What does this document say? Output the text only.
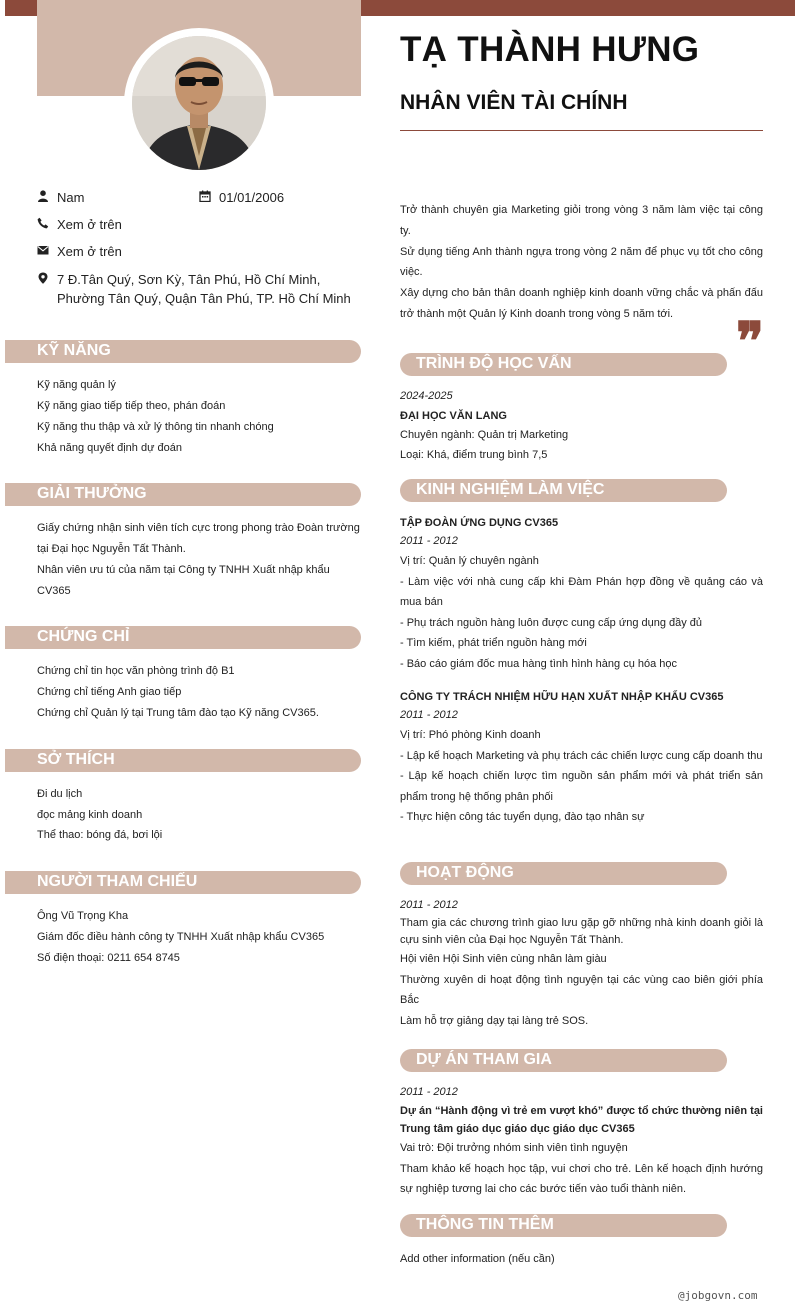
TẠ THÀNH HƯNG
NHÂN VIÊN TÀI CHÍNH
Nam	01/01/2006
Xem ở trên
Xem ở trên
7 Đ.Tân Quý, Sơn Kỳ, Tân Phú, Hồ Chí Minh, Phường Tân Quý, Quận Tân Phú, TP. Hồ Chí Minh
KỸ NĂNG
Kỹ năng quản lý
Kỹ năng giao tiếp tiếp theo, phán đoán
Kỹ năng thu thập và xử lý thông tin nhanh chóng
Khả năng quyết định dự đoán
GIẢI THƯỞNG
Giấy chứng nhận sinh viên tích cực trong phong trào Đoàn trường tại Đại học Nguyễn Tất Thành.
Nhân viên ưu tú của năm tại Công ty TNHH Xuất nhập khẩu CV365
CHỨNG CHỈ
Chứng chỉ tin học văn phòng trình độ B1
Chứng chỉ tiếng Anh giao tiếp
Chứng chỉ Quản lý tại Trung tâm đào tạo Kỹ năng CV365.
SỞ THÍCH
Đi du lịch
đọc mảng kinh doanh
Thể thao: bóng đá, bơi lội
NGƯỜI THAM CHIẾU
Ông Vũ Trọng Kha
Giám đốc điều hành công ty TNHH Xuất nhập khẩu CV365
Số điện thoại: 0211 654 8745
Trở thành chuyên gia Marketing giỏi trong vòng 3 năm làm việc tại công ty.
Sử dụng tiếng Anh thành ngựa trong vòng 2 năm để phục vụ tốt cho công việc.
Xây dựng cho bản thân doanh nghiệp kinh doanh vững chắc và phấn đấu trở thành một Quản lý Kinh doanh trong vòng 5 năm tới.	❞
TRÌNH ĐỘ HỌC VẤN
2024-2025
ĐẠI HỌC VĂN LANG
Chuyên ngành: Quản trị Marketing
Loại: Khá, điểm trung bình 7,5
KINH NGHIỆM LÀM VIỆC
TẬP ĐOÀN ỨNG DỤNG CV365
2011 - 2012
Vị trí: Quản lý chuyên ngành
- Làm việc với nhà cung cấp khi Đàm Phán hợp đồng về quảng cáo và mua bán
- Phụ trách nguồn hàng luôn được cung cấp ứng dụng đầy đủ
- Tìm kiếm, phát triển nguồn hàng mới
- Báo cáo giám đốc mua hàng tình hình hàng cụ hóa học
CÔNG TY TRÁCH NHIỆM HỮU HẠN XUẤT NHẬP KHẨU CV365
2011 - 2012
Vị trí: Phó phòng Kinh doanh
- Lập kế hoạch Marketing và phụ trách các chiến lược cung cấp doanh thu
- Lập kế hoạch chiến lược tìm nguồn sản phẩm mới và phát triển sản phẩm trong hệ thống phân phối
- Thực hiện công tác tuyển dụng, đào tạo nhân sự
HOẠT ĐỘNG
2011 - 2012
Tham gia các chương trình giao lưu gặp gỡ những nhà kinh doanh giỏi là cựu sinh viên của Đại học Nguyễn Tất Thành.
Hội viên Hội Sinh viên cùng nhân làm giàu
Thường xuyên di hoạt động tình nguyện tại các vùng cao biên giới phía Bắc
Làm hỗ trợ giảng dạy tại làng trẻ SOS.
DỰ ÁN THAM GIA
2011 - 2012
Dự án “Hành động vì trẻ em vượt khó” được tổ chức thường niên tại Trung tâm giáo dục giáo dục giáo dục CV365
Vai trò: Đội trưởng nhóm sinh viên tình nguyện
Tham khảo kế hoạch học tập, vui chơi cho trẻ. Lên kế hoạch định hướng sự nghiệp tương lai cho các bước tiến vào tuổi thành niên.
THÔNG TIN THÊM
Add other information (nếu cần)
@jobgovn.com
